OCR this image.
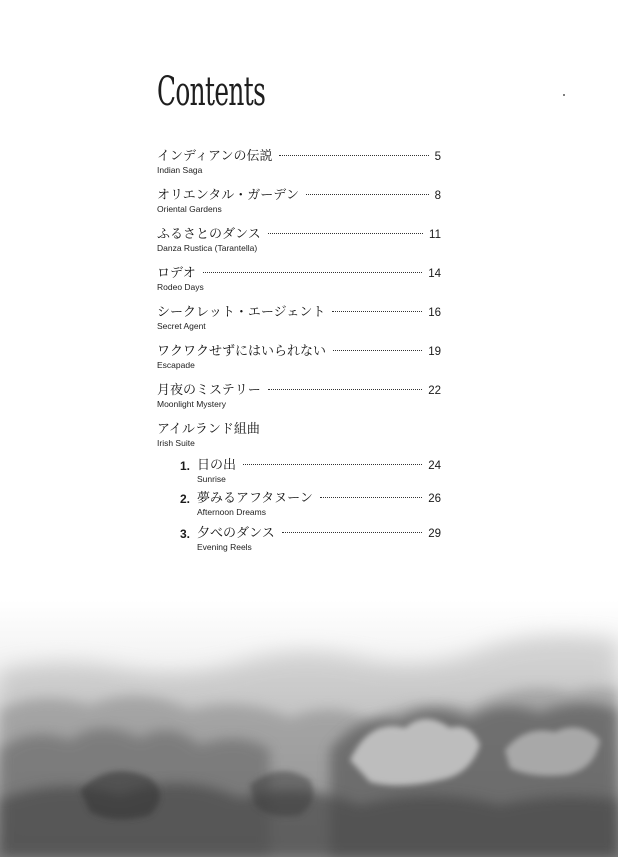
Contents
インディアンの伝説	5
Indian Saga
オリエンタル・ガーデン	8
Oriental Gardens
ふるさとのダンス	11
Danza Rustica (Tarantella)
ロデオ	14
Rodeo Days
シークレット・エージェント	16
Secret Agent
ワクワクせずにはいられない	19
Escapade
月夜のミステリー	22
Moonlight Mystery
アイルランド組曲
Irish Suite
1. 日の出	24
Sunrise
2. 夢みるアフタヌーン	26
Afternoon Dreams
3. 夕べのダンス	29
Evening Reels
